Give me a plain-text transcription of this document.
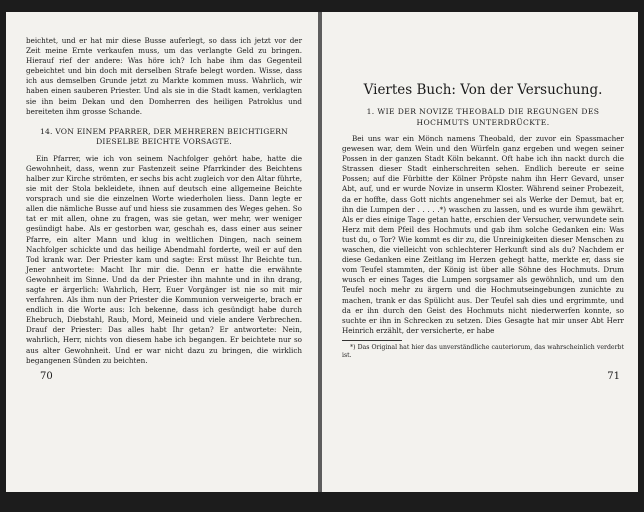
beichtet, und er hat mir diese Busse auferlegt, so dass ich jetzt vor der Zeit meine Ernte verkaufen muss, um das verlangte Geld zu bringen. Hierauf rief der andere: Was höre ich? Ich habe ihm das Gegenteil gebeichtet und bin doch mit derselben Strafe belegt worden. Wisse, dass ich aus demselben Grunde jetzt zu Markte kommen muss. Wahrlich, wir haben einen sauberen Priester. Und als sie in die Stadt kamen, verklagten sie ihn beim Dekan und den Domherren des heiligen Patroklus und bereiteten ihm grosse Schande.

14. VON EINEM PFARRER, DER MEHREREN BEICHTIGERN DIESELBE BEICHTE VORSAGTE.

Ein Pfarrer, wie ich von seinem Nachfolger gehört habe, hatte die Gewohnheit, dass, wenn zur Fastenzeit seine Pfarrkinder des Beichtens halber zur Kirche strömten, er sechs bis acht zugleich vor den Altar führte, sie mit der Stola bekleidete, ihnen auf deutsch eine allgemeine Beichte vorsprach und sie die einzelnen Worte wiederholen liess. Dann legte er allen die nämliche Busse auf und hiess sie zusammen des Weges gehen. So tat er mit allen, ohne zu fragen, was sie getan, wer mehr, wer weniger gesündigt habe. Als er gestorben war, geschah es, dass einer aus seiner Pfarre, ein alter Mann und klug in weltlichen Dingen, nach seinem Nachfolger schickte und das heilige Abendmahl forderte, weil er auf den Tod krank war. Der Priester kam und sagte: Erst müsst Ihr Beichte tun. Jener antwortete: Macht Ihr mir die. Denn er hatte die erwähnte Gewohnheit im Sinne. Und da der Priester ihn mahnte und in ihn drang, sagte er ärgerlich: Wahrlich, Herr, Euer Vorgänger ist nie so mit mir verfahren. Als ihm nun der Priester die Kommunion verweigerte, brach er endlich in die Worte aus: Ich bekenne, dass ich gesündigt habe durch Ehebruch, Diebstahl, Raub, Mord, Meineid und viele andere Verbrechen. Drauf der Priester: Das alles habt Ihr getan? Er antwortete: Nein, wahrlich, Herr, nichts von diesem habe ich begangen. Er beichtete nur so aus alter Gewohnheit. Und er war nicht dazu zu bringen, die wirklich begangenen Sünden zu beichten.

70
Viertes Buch: Von der Versuchung.
1. WIE DER NOVIZE THEOBALD DIE REGUNGEN DES HOCHMUTS UNTERDRÜCKTE.

Bei uns war ein Mönch namens Theobald, der zuvor ein Spassmacher gewesen war, dem Wein und den Würfeln ganz ergeben und wegen seiner Possen in der ganzen Stadt Köln bekannt. Oft habe ich ihn nackt durch die Strassen dieser Stadt einherschreiten sehen. Endlich bereute er seine Possen; auf die Fürbitte der Kölner Pröpste nahm ihn Herr Gevard, unser Abt, auf, und er wurde Novize in unserm Kloster. Während seiner Probezeit, da er hoffte, dass Gott nichts angenehmer sei als Werke der Demut, bat er, ihn die Lumpen der . . . . .*) waschen zu lassen, und es wurde ihm gewährt. Als er dies einige Tage getan hatte, erschien der Versucher, verwundete sein Herz mit dem Pfeil des Hochmuts und gab ihm solche Gedanken ein: Was tust du, o Tor? Wie kommt es dir zu, die Unreinigkeiten dieser Menschen zu waschen, die vielleicht von schlechterer Herkunft sind als du? Nachdem er diese Gedanken eine Zeitlang im Herzen gehegt hatte, merkte er, dass sie vom Teufel stammten, der König ist über alle Söhne des Hochmuts. Drum wusch er eines Tages die Lumpen sorgsamer als gewöhnlich, und um den Teufel noch mehr zu ärgern und die Hochmutseingebungen zunichte zu machen, trank er das Spülicht aus. Der Teufel sah dies und ergrimmte, und da er ihn durch den Geist des Hochmuts nicht niederwerfen konnte, so suchte er ihn in Schrecken zu setzen. Dies Gesagte hat mir unser Abt Herr Heinrich erzählt, der versicherte, er habe

*) Das Original hat hier das unverständliche cauteriorum, das wahrscheinlich verderbt ist.

71
